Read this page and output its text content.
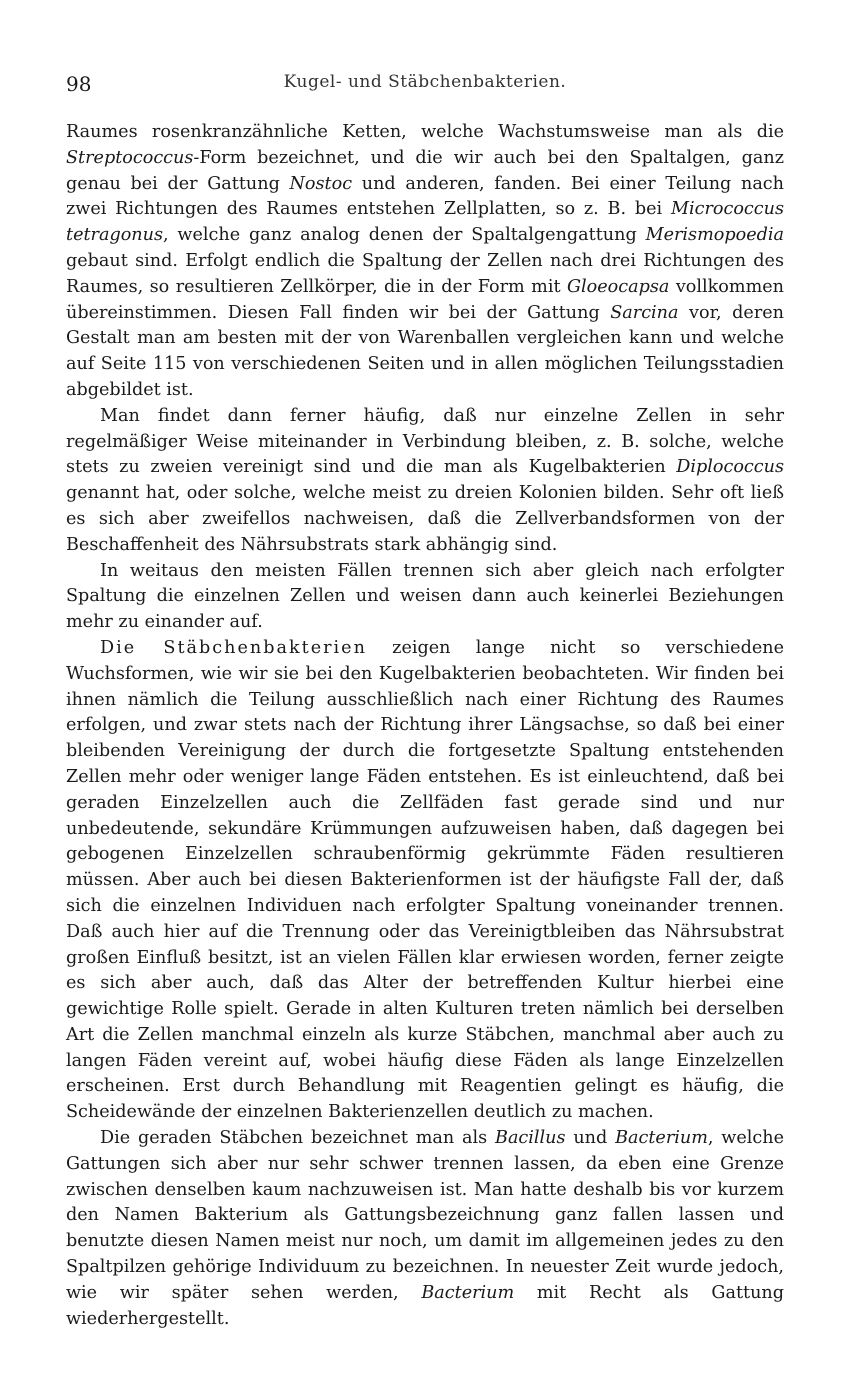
98	Kugel- und Stäbchenbakterien.

Raumes rosenkranzähnliche Ketten, welche Wachstumsweise man als die Streptococcus-Form bezeichnet, und die wir auch bei den Spaltalgen, ganz genau bei der Gattung Nostoc und anderen, fanden. Bei einer Teilung nach zwei Richtungen des Raumes entstehen Zellplatten, so z. B. bei Micrococcus tetragonus, welche ganz analog denen der Spaltalgengattung Merismopoedia gebaut sind. Erfolgt endlich die Spaltung der Zellen nach drei Richtungen des Raumes, so resultieren Zellkörper, die in der Form mit Gloeocapsa vollkommen übereinstimmen. Diesen Fall finden wir bei der Gattung Sarcina vor, deren Gestalt man am besten mit der von Warenballen vergleichen kann und welche auf Seite 115 von verschiedenen Seiten und in allen möglichen Teilungsstadien abgebildet ist.

Man findet dann ferner häufig, daß nur einzelne Zellen in sehr regelmäßiger Weise miteinander in Verbindung bleiben, z. B. solche, welche stets zu zweien vereinigt sind und die man als Kugelbakterien Diplococcus genannt hat, oder solche, welche meist zu dreien Kolonien bilden. Sehr oft ließ es sich aber zweifellos nachweisen, daß die Zellverbandsformen von der Beschaffenheit des Nährsubstrats stark abhängig sind.

In weitaus den meisten Fällen trennen sich aber gleich nach erfolgter Spaltung die einzelnen Zellen und weisen dann auch keinerlei Beziehungen mehr zu einander auf.

Die Stäbchenbakterien zeigen lange nicht so verschiedene Wuchsformen, wie wir sie bei den Kugelbakterien beobachteten. Wir finden bei ihnen nämlich die Teilung ausschließlich nach einer Richtung des Raumes erfolgen, und zwar stets nach der Richtung ihrer Längsachse, so daß bei einer bleibenden Vereinigung der durch die fortgesetzte Spaltung entstehenden Zellen mehr oder weniger lange Fäden entstehen. Es ist einleuchtend, daß bei geraden Einzelzellen auch die Zellfäden fast gerade sind und nur unbedeutende, sekundäre Krümmungen aufzuweisen haben, daß dagegen bei gebogenen Einzelzellen schraubenförmig gekrümmte Fäden resultieren müssen. Aber auch bei diesen Bakterienformen ist der häufigste Fall der, daß sich die einzelnen Individuen nach erfolgter Spaltung voneinander trennen. Daß auch hier auf die Trennung oder das Vereinigtbleiben das Nährsubstrat großen Einfluß besitzt, ist an vielen Fällen klar erwiesen worden, ferner zeigte es sich aber auch, daß das Alter der betreffenden Kultur hierbei eine gewichtige Rolle spielt. Gerade in alten Kulturen treten nämlich bei derselben Art die Zellen manchmal einzeln als kurze Stäbchen, manchmal aber auch zu langen Fäden vereint auf, wobei häufig diese Fäden als lange Einzelzellen erscheinen. Erst durch Behandlung mit Reagentien gelingt es häufig, die Scheidewände der einzelnen Bakterienzellen deutlich zu machen.

Die geraden Stäbchen bezeichnet man als Bacillus und Bacterium, welche Gattungen sich aber nur sehr schwer trennen lassen, da eben eine Grenze zwischen denselben kaum nachzuweisen ist. Man hatte deshalb bis vor kurzem den Namen Bakterium als Gattungsbezeichnung ganz fallen lassen und benutzte diesen Namen meist nur noch, um damit im allgemeinen jedes zu den Spaltpilzen gehörige Individuum zu bezeichnen. In neuester Zeit wurde jedoch, wie wir später sehen werden, Bacterium mit Recht als Gattung wiederhergestellt.
